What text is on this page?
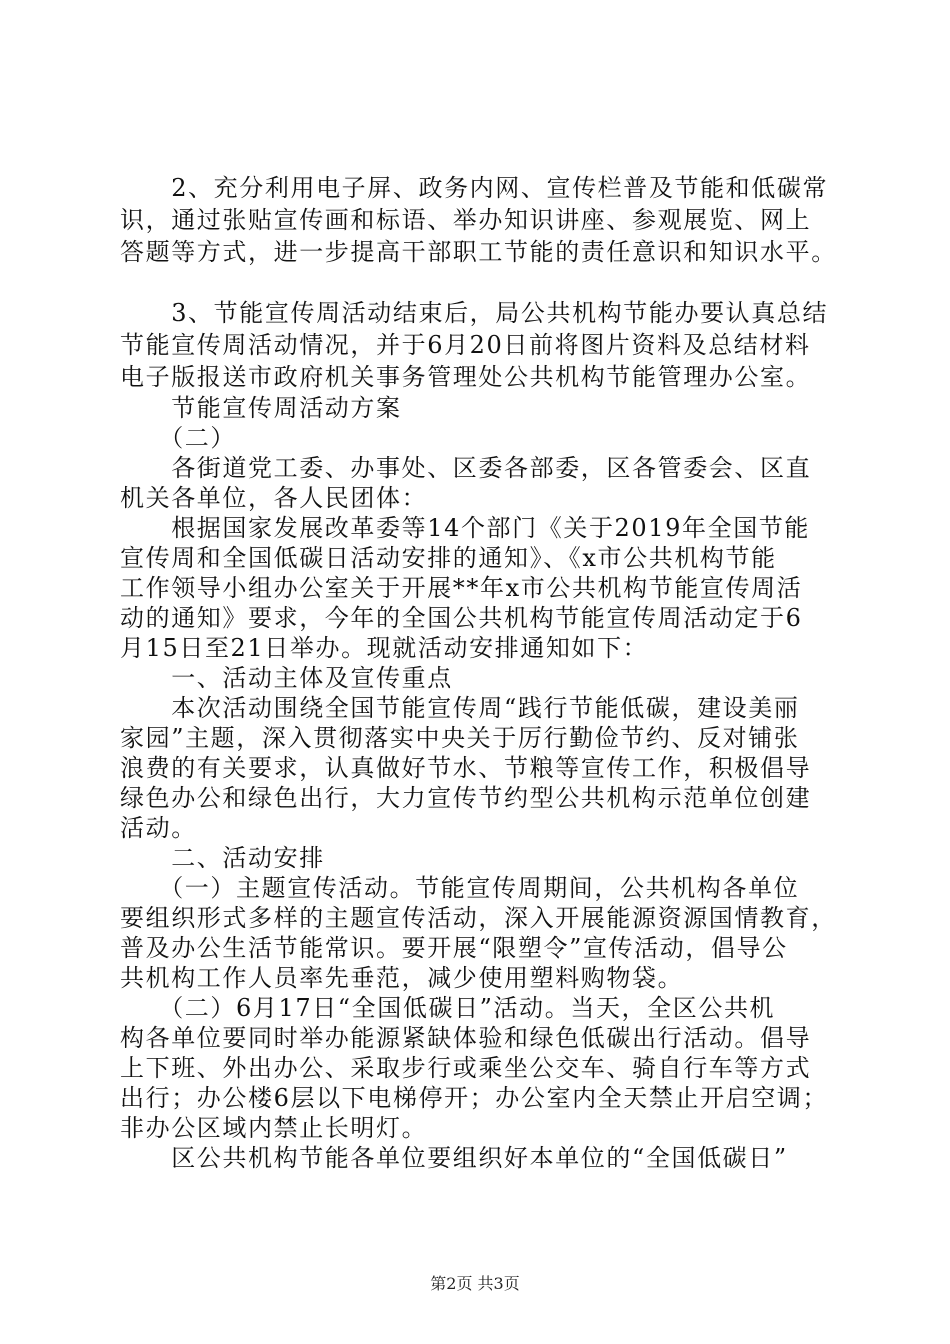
　　2、充分利用电子屏、政务内网、宣传栏普及节能和低碳常
识，通过张贴宣传画和标语、举办知识讲座、参观展览、网上
答题等方式，进一步提高干部职工节能的责任意识和知识水平。
　　3、节能宣传周活动结束后，局公共机构节能办要认真总结
节能宣传周活动情况，并于6月20日前将图片资料及总结材料
电子版报送市政府机关事务管理处公共机构节能管理办公室。
　　节能宣传周活动方案
　　（二）
　　各街道党工委、办事处、区委各部委，区各管委会、区直
机关各单位，各人民团体：
　　根据国家发展改革委等14个部门《关于2019年全国节能
宣传周和全国低碳日活动安排的通知》、《x市公共机构节能
工作领导小组办公室关于开展**年x市公共机构节能宣传周活
动的通知》要求，今年的全国公共机构节能宣传周活动定于6
月15日至21日举办。现就活动安排通知如下：
　　一、活动主体及宣传重点
　　本次活动围绕全国节能宣传周“践行节能低碳，建设美丽
家园”主题，深入贯彻落实中央关于厉行勤俭节约、反对铺张
浪费的有关要求，认真做好节水、节粮等宣传工作，积极倡导
绿色办公和绿色出行，大力宣传节约型公共机构示范单位创建
活动。
　　二、活动安排
　　（一）主题宣传活动。节能宣传周期间，公共机构各单位
要组织形式多样的主题宣传活动，深入开展能源资源国情教育，
普及办公生活节能常识。要开展“限塑令”宣传活动，倡导公
共机构工作人员率先垂范，减少使用塑料购物袋。
　　（二）6月17日“全国低碳日”活动。当天，全区公共机
构各单位要同时举办能源紧缺体验和绿色低碳出行活动。倡导
上下班、外出办公、采取步行或乘坐公交车、骑自行车等方式
出行；办公楼6层以下电梯停开；办公室内全天禁止开启空调；
非办公区域内禁止长明灯。
　　区公共机构节能各单位要组织好本单位的“全国低碳日”
第2页 共3页
